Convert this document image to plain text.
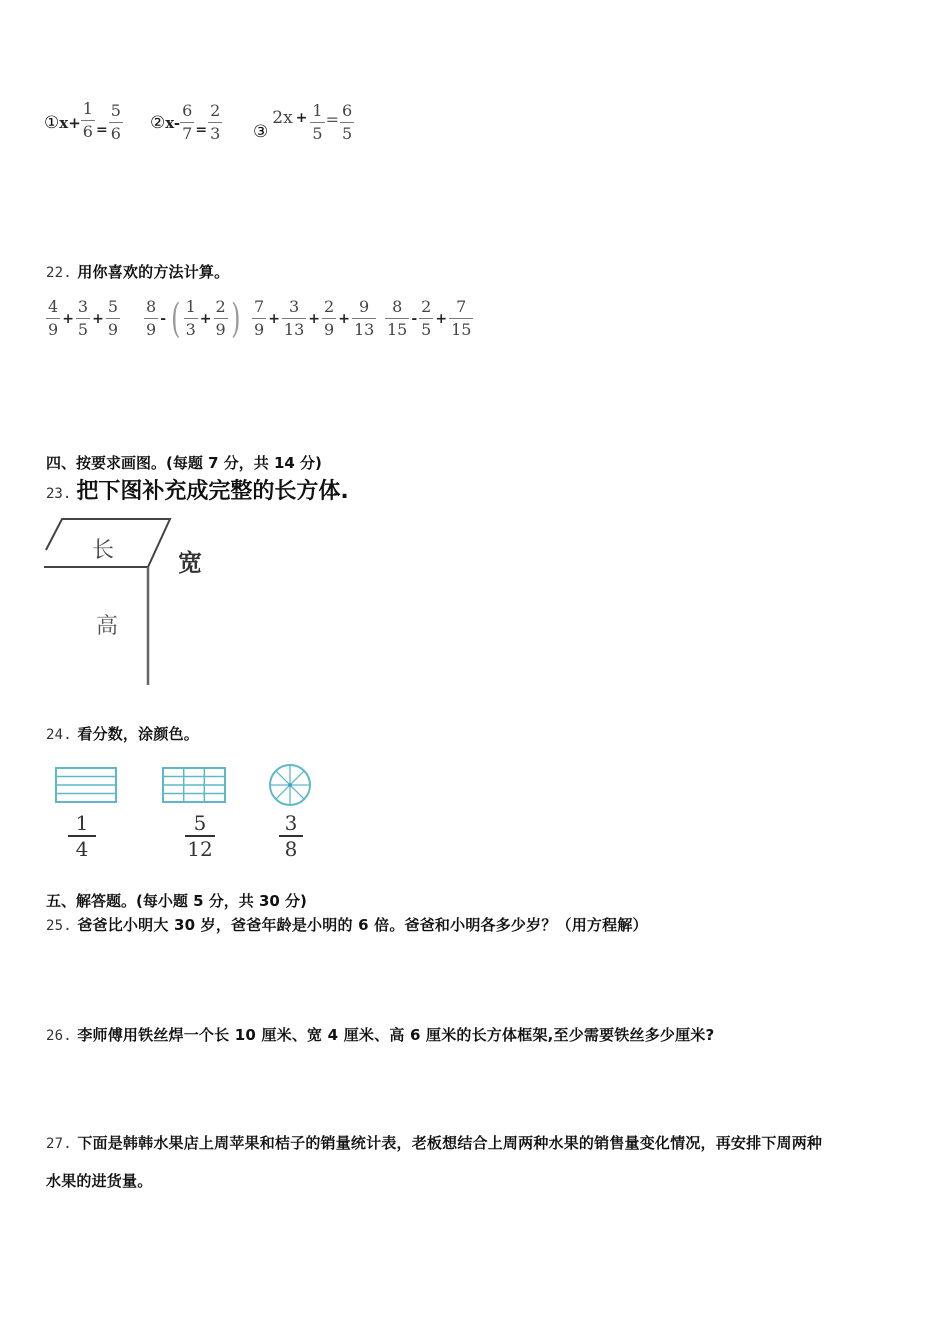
① $x+ \frac{1}{6} = \frac{5}{6}$ ② $x- \frac{6}{7} = \frac{2}{3}$ ③
$2x + \frac{1}{5} = \frac{6}{5}$
22. 用你喜欢的方法计算。
$\frac{4}{9} + \frac{3}{5} + \frac{5}{9} \frac{8}{9}$ - ( $\frac{1}{3} + \frac{2}{9}$ ) $\frac{7}{9} + \frac{3}{13} + \frac{2}{9} + \frac{9}{13} \frac{8}{15} - \frac{2}{5} + \frac{7}{15}$
四、按要求画图。(每题 7 分，共 14 分)
23. 把下图补充成完整的长方体.
长	宽
高
24. 看分数，涂颜色。
1
4
5
12
3
8
五、解答题。(每小题 5 分，共 30 分)
25. 爸爸比小明大 30 岁，爸爸年龄是小明的 6 倍。爸爸和小明各多少岁？（用方程解）
26. 李师傅用铁丝焊一个长 10 厘米、宽 4 厘米、高 6 厘米的长方体框架,至少需要铁丝多少厘米?
27. 下面是韩韩水果店上周苹果和桔子的销量统计表，老板想结合上周两种水果的销售量变化情况，再安排下周两种
水果的进货量。
